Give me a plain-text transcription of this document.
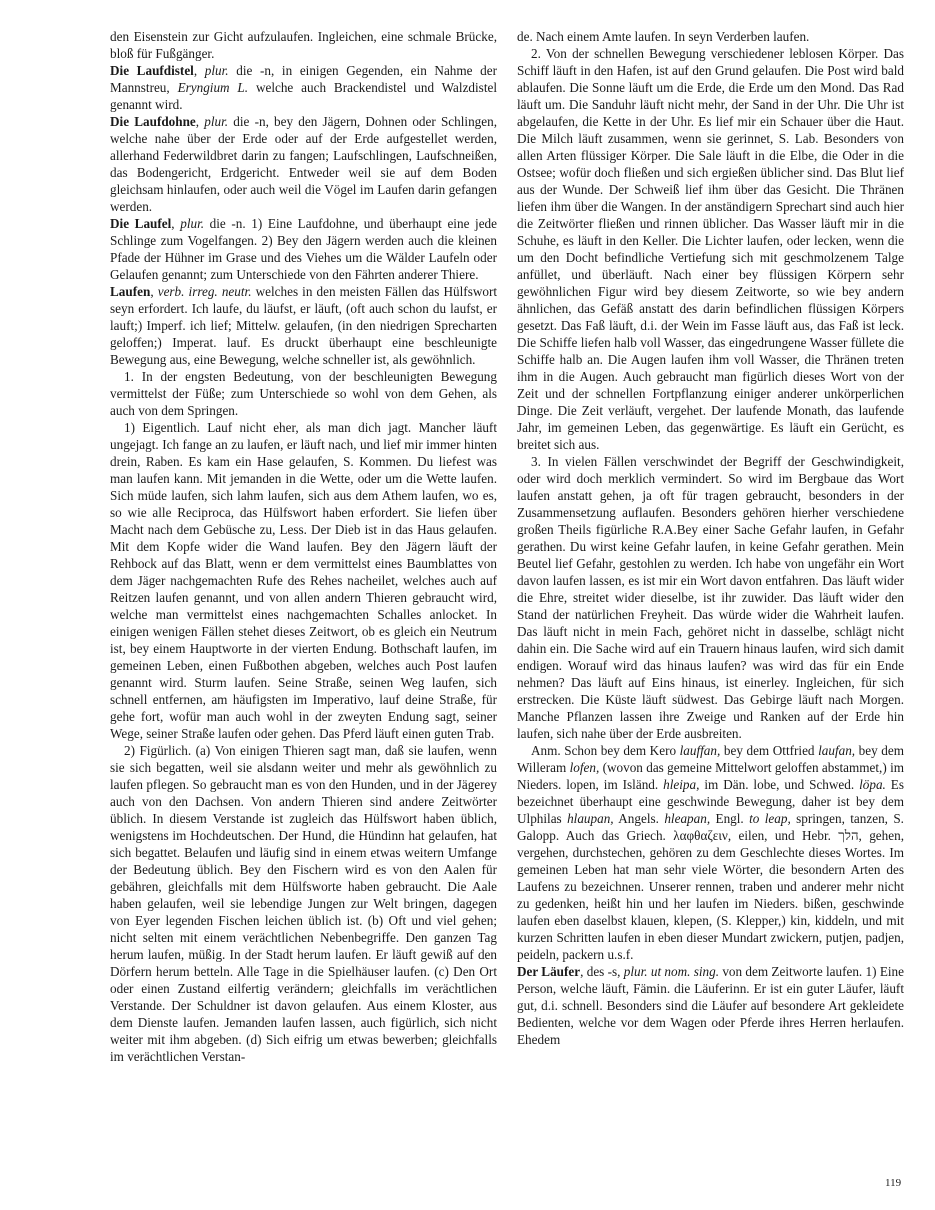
den Eisenstein zur Gicht aufzulaufen. Ingleichen, eine schmale Brücke, bloß für Fußgänger.

Die Laufdistel, plur. die -n, in einigen Gegenden, ein Nahme der Mannstreu, Eryngium L. welche auch Brackendistel und Walzdistel genannt wird.

Die Laufdohne, plur. die -n, bey den Jägern, Dohnen oder Schlingen, welche nahe über der Erde oder auf der Erde aufgestellet werden, allerhand Federwildbret darin zu fangen; Laufschlingen, Laufschneißen, das Bodengericht, Erdgericht. Entweder weil sie auf dem Boden gleichsam hinlaufen, oder auch weil die Vögel im Laufen darin gefangen werden.

Die Laufel, plur. die -n. 1) Eine Laufdohne, und überhaupt eine jede Schlinge zum Vogelfangen. 2) Bey den Jägern werden auch die kleinen Pfade der Hühner im Grase und des Viehes um die Wälder Laufeln oder Gelaufen genannt; zum Unterschiede von den Fährten anderer Thiere.

Laufen, verb. irreg. neutr. welches in den meisten Fällen das Hülfswort seyn erfordert. Ich laufe, du läufst, er läuft, (oft auch schon du laufst, er lauft;) Imperf. ich lief; Mittelw. gelaufen, (in den niedrigen Sprecharten geloffen;) Imperat. lauf. Es druckt überhaupt eine beschleunigte Bewegung aus, eine Bewegung, welche schneller ist, als gewöhnlich.

1. In der engsten Bedeutung, von der beschleunigten Bewegung vermittelst der Füße; zum Unterschiede so wohl von dem Gehen, als auch von dem Springen.

1) Eigentlich. Lauf nicht eher, als man dich jagt. Mancher läuft ungejagt. Ich fange an zu laufen, er läuft nach, und lief mir immer hinten drein, Raben. Es kam ein Hase gelaufen, S. Kommen. Du liefest was man laufen kann. Mit jemanden in die Wette, oder um die Wette laufen. Sich müde laufen, sich lahm laufen, sich aus dem Athem laufen, wo es, so wie alle Reciproca, das Hülfswort haben erfordert. Sie liefen über Macht nach dem Gebüsche zu, Less. Der Dieb ist in das Haus gelaufen. Mit dem Kopfe wider die Wand laufen. Bey den Jägern läuft der Rehbock auf das Blatt, wenn er dem vermittelst eines Baumblattes von dem Jäger nachgemachten Rufe des Rehes nacheilet, welches auch auf Reitzen laufen genannt, und von allen andern Thieren gebraucht wird, welche man vermittelst eines nachgemachten Schalles anlocket. In einigen wenigen Fällen stehet dieses Zeitwort, ob es gleich ein Neutrum ist, bey einem Hauptworte in der vierten Endung. Bothschaft laufen, im gemeinen Leben, einen Fußbothen abgeben, welches auch Post laufen genannt wird. Sturm laufen. Seine Straße, seinen Weg laufen, sich schnell entfernen, am häufigsten im Imperativo, lauf deine Straße, für gehe fort, wofür man auch wohl in der zweyten Endung sagt, seiner Wege, seiner Straße laufen oder gehen. Das Pferd läuft einen guten Trab.

2) Figürlich. (a) Von einigen Thieren sagt man, daß sie laufen, wenn sie sich begatten, weil sie alsdann weiter und mehr als gewöhnlich zu laufen pflegen. So gebraucht man es von den Hunden, und in der Jägerey auch von den Dachsen. Von andern Thieren sind andere Zeitwörter üblich. In diesem Verstande ist zugleich das Hülfswort haben üblich, wenigstens im Hochdeutschen. Der Hund, die Hündinn hat gelaufen, hat sich begattet. Belaufen und läufig sind in einem etwas weitern Umfange der Bedeutung üblich. Bey den Fischern wird es von den Aalen für gebähren, gleichfalls mit dem Hülfsworte haben gebraucht. Die Aale haben gelaufen, weil sie lebendige Jungen zur Welt bringen, dagegen von Eyer legenden Fischen leichen üblich ist. (b) Oft und viel gehen; nicht selten mit einem verächtlichen Nebenbegriffe. Den ganzen Tag herum laufen, müßig. In der Stadt herum laufen. Er läuft gewiß auf den Dörfern herum betteln. Alle Tage in die Spielhäuser laufen. (c) Den Ort oder einen Zustand eilfertig verändern; gleichfalls im verächtlichen Verstande. Der Schuldner ist davon gelaufen. Aus einem Kloster, aus dem Dienste laufen. Jemanden laufen lassen, auch figürlich, sich nicht weiter mit ihm abgeben. (d) Sich eifrig um etwas bewerben; gleichfalls im verächtlichen Verstan-

de. Nach einem Amte laufen. In seyn Verderben laufen.

2. Von der schnellen Bewegung verschiedener leblosen Körper. Das Schiff läuft in den Hafen, ist auf den Grund gelaufen. Die Post wird bald ablaufen. Die Sonne läuft um die Erde, die Erde um den Mond. Das Rad läuft um. Die Sanduhr läuft nicht mehr, der Sand in der Uhr. Die Uhr ist abgelaufen, die Kette in der Uhr. Es lief mir ein Schauer über die Haut. Die Milch läuft zusammen, wenn sie gerinnet, S. Lab. Besonders von allen Arten flüssiger Körper. Die Sale läuft in die Elbe, die Oder in die Ostsee; wofür doch fließen und sich ergießen üblicher sind. Das Blut lief aus der Wunde. Der Schweiß lief ihm über das Gesicht. Die Thränen liefen ihm über die Wangen. In der anständigern Sprechart sind auch hier die Zeitwörter fließen und rinnen üblicher. Das Wasser läuft mir in die Schuhe, es läuft in den Keller. Die Lichter laufen, oder lecken, wenn die um den Docht befindliche Vertiefung sich mit geschmolzenem Talge anfüllet, und überläuft. Nach einer bey flüssigen Körpern sehr gewöhnlichen Figur wird bey diesem Zeitworte, so wie bey andern ähnlichen, das Gefäß anstatt des darin befindlichen flüssigen Körpers gesetzt. Das Faß läuft, d.i. der Wein im Fasse läuft aus, das Faß ist leck. Die Schiffe liefen halb voll Wasser, das eingedrungene Wasser füllete die Schiffe halb an. Die Augen laufen ihm voll Wasser, die Thränen treten ihm in die Augen. Auch gebraucht man figürlich dieses Wort von der Zeit und der schnellen Fortpflanzung einiger anderer unkörperlichen Dinge. Die Zeit verläuft, vergehet. Der laufende Monath, das laufende Jahr, im gemeinen Leben, das gegenwärtige. Es läuft ein Gerücht, es breitet sich aus.

3. In vielen Fällen verschwindet der Begriff der Geschwindigkeit, oder wird doch merklich vermindert. So wird im Bergbaue das Wort laufen anstatt gehen, ja oft für tragen gebraucht, besonders in der Zusammensetzung auflaufen. Besonders gehören hierher verschiedene großen Theils figürliche R.A.Bey einer Sache Gefahr laufen, in Gefahr gerathen. Du wirst keine Gefahr laufen, in keine Gefahr gerathen. Mein Beutel lief Gefahr, gestohlen zu werden. Ich habe von ungefähr ein Wort davon laufen lassen, es ist mir ein Wort davon entfahren. Das läuft wider die Ehre, streitet wider dieselbe, ist ihr zuwider. Das läuft wider den Stand der natürlichen Freyheit. Das würde wider die Wahrheit laufen. Das läuft nicht in mein Fach, gehöret nicht in dasselbe, schlägt nicht dahin ein. Die Sache wird auf ein Trauern hinaus laufen, wird sich damit endigen. Worauf wird das hinaus laufen? was wird das für ein Ende nehmen? Das läuft auf Eins hinaus, ist einerley. Ingleichen, für sich erstrecken. Die Küste läuft südwest. Das Gebirge läuft nach Morgen. Manche Pflanzen lassen ihre Zweige und Ranken auf der Erde hin laufen, sich nahe über der Erde ausbreiten.

Anm. Schon bey dem Kero lauffan, bey dem Ottfried laufan, bey dem Willeram lofen, (wovon das gemeine Mittelwort geloffen abstammet,) im Nieders. lopen, im Isländ. hleipa, im Dän. lobe, und Schwed. löpa. Es bezeichnet überhaupt eine geschwinde Bewegung, daher ist bey dem Ulphilas hlaupan, Angels. hleapan, Engl. to leap, springen, tanzen, S. Galopp. Auch das Griech. λαφθαζειν, eilen, und Hebr. הלך, gehen, vergehen, durchstechen, gehören zu dem Geschlechte dieses Wortes. Im gemeinen Leben hat man sehr viele Wörter, die besondern Arten des Laufens zu bezeichnen. Unserer rennen, traben und anderer mehr nicht zu gedenken, heißt hin und her laufen im Nieders. bißen, geschwinde laufen eben daselbst klauen, klepen, (S. Klepper,) kin, kiddeln, und mit kurzen Schritten laufen in eben dieser Mundart zwickern, putjen, padjen, peideln, packern u.s.f.

Der Läufer, des -s, plur. ut nom. sing. von dem Zeitworte laufen. 1) Eine Person, welche läuft, Fämin. die Läuferinn. Er ist ein guter Läufer, läuft gut, d.i. schnell. Besonders sind die Läufer auf besondere Art gekleidete Bedienten, welche vor dem Wagen oder Pferde ihres Herren herlaufen. Ehedem

119
